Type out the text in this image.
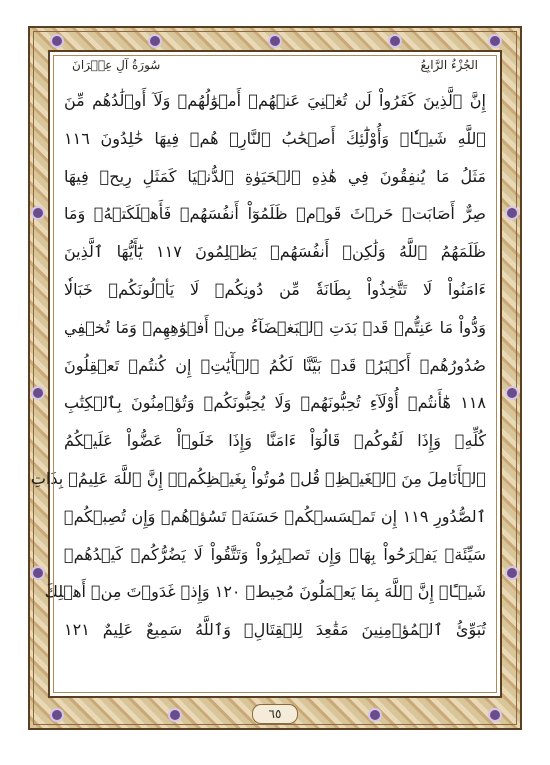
الجُزْءُ الرَّابِعُ
سُورَةُ آلِ عِمۡرَانَ
إِنَّ ٱلَّذِينَ كَفَرُواْ لَن تُغۡنِيَ عَنۡهُمۡ أَمۡوَٰلُهُمۡ وَلَآ أَوۡلَٰدُهُم مِّنَ
ٱللَّهِ شَيۡـٔٗاۖ وَأُوْلَٰٓئِكَ أَصۡحَٰبُ ٱلنَّارِۖ هُمۡ فِيهَا خَٰلِدُونَ ١١٦
مَثَلُ مَا يُنفِقُونَ فِي هَٰذِهِ ٱلۡحَيَوٰةِ ٱلدُّنۡيَا كَمَثَلِ رِيحٖ فِيهَا
صِرٌّ أَصَابَتۡ حَرۡثَ قَوۡمٖ ظَلَمُوٓاْ أَنفُسَهُمۡ فَأَهۡلَكَتۡهُۚ وَمَا
ظَلَمَهُمُ ٱللَّهُ وَلَٰكِنۡ أَنفُسَهُمۡ يَظۡلِمُونَ ١١٧ يَٰٓأَيُّهَا ٱلَّذِينَ
ءَامَنُواْ لَا تَتَّخِذُواْ بِطَانَةٗ مِّن دُونِكُمۡ لَا يَأۡلُونَكُمۡ خَبَالٗا
وَدُّواْ مَا عَنِتُّمۡ قَدۡ بَدَتِ ٱلۡبَغۡضَآءُ مِنۡ أَفۡوَٰهِهِمۡ وَمَا تُخۡفِي
صُدُورُهُمۡ أَكۡبَرُۚ قَدۡ بَيَّنَّا لَكُمُ ٱلۡأٓيَٰتِۖ إِن كُنتُمۡ تَعۡقِلُونَ
١١٨ هَٰٓأَنتُمۡ أُوْلَآءِ تُحِبُّونَهُمۡ وَلَا يُحِبُّونَكُمۡ وَتُؤۡمِنُونَ بِٱلۡكِتَٰبِ
كُلِّهِۦ وَإِذَا لَقُوكُمۡ قَالُوٓاْ ءَامَنَّا وَإِذَا خَلَوۡاْ عَضُّواْ عَلَيۡكُمُ
ٱلۡأَنَامِلَ مِنَ ٱلۡغَيۡظِۚ قُلۡ مُوتُواْ بِغَيۡظِكُمۡۗ إِنَّ ٱللَّهَ عَلِيمُۢ بِذَاتِ
ٱلصُّدُورِ ١١٩ إِن تَمۡسَسۡكُمۡ حَسَنَةٞ تَسُؤۡهُمۡ وَإِن تُصِبۡكُمۡ
سَيِّئَةٞ يَفۡرَحُواْ بِهَاۖ وَإِن تَصۡبِرُواْ وَتَتَّقُواْ لَا يَضُرُّكُمۡ كَيۡدُهُمۡ
شَيۡـًٔاۗ إِنَّ ٱللَّهَ بِمَا يَعۡمَلُونَ مُحِيطٞ ١٢٠ وَإِذۡ غَدَوۡتَ مِنۡ أَهۡلِكَ
تُبَوِّئُ ٱلۡمُؤۡمِنِينَ مَقَٰعِدَ لِلۡقِتَالِۗ وَٱللَّهُ سَمِيعٌ عَلِيمٌ ١٢١
٦٥
